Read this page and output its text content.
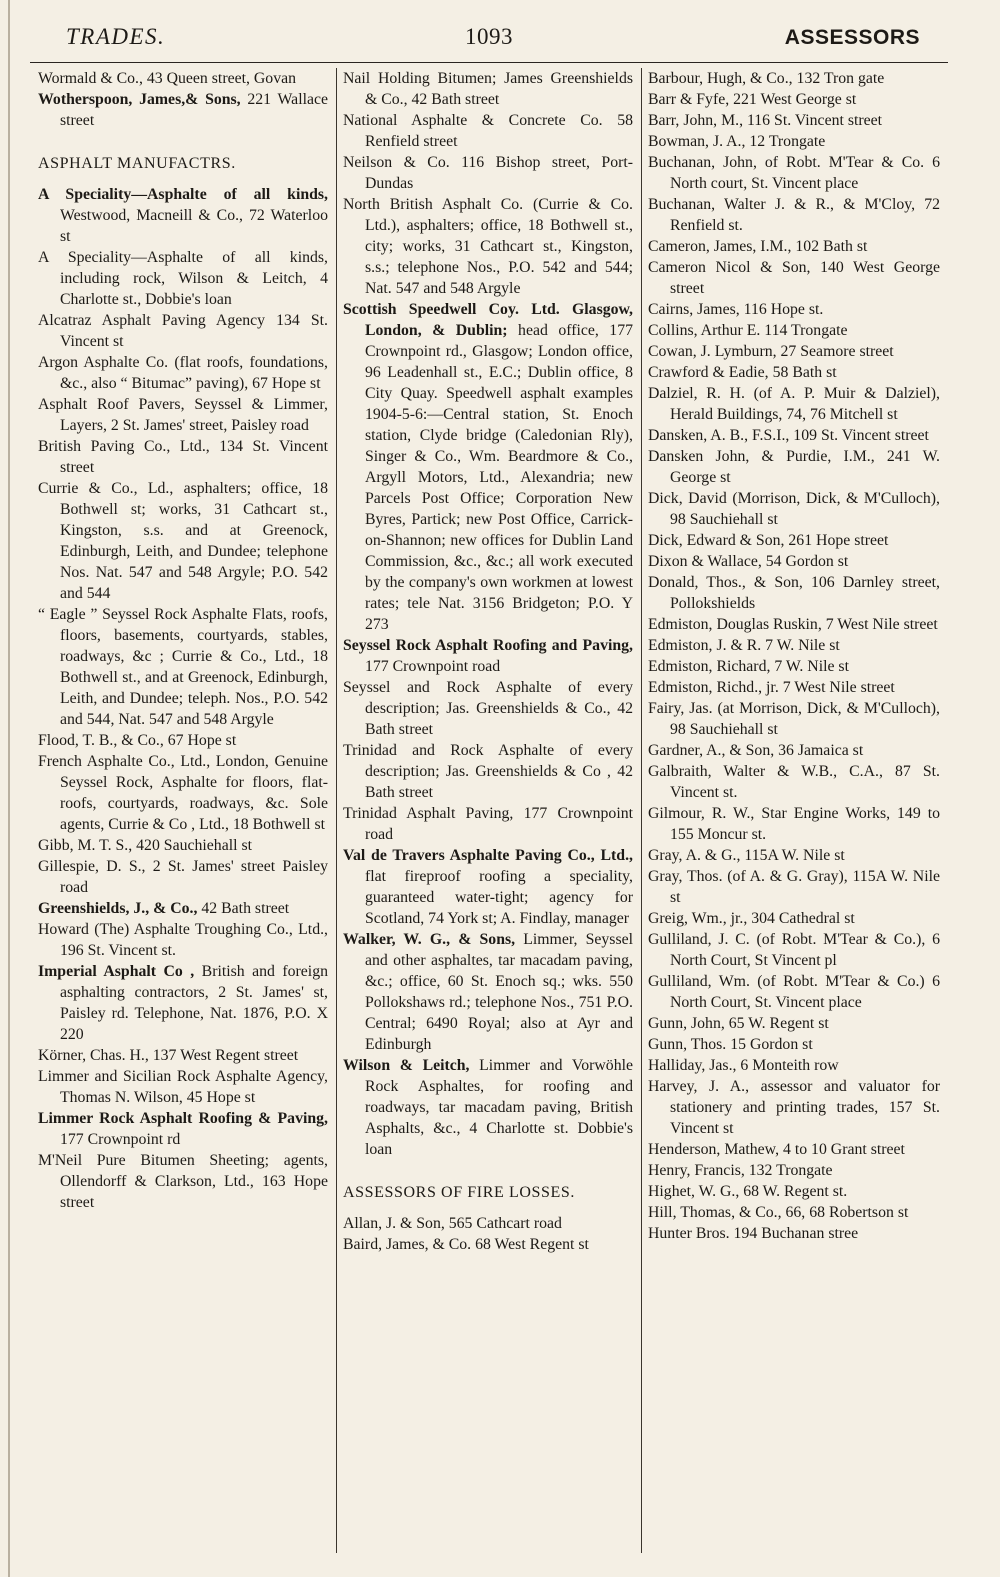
TRADES.	1093	ASSESSORS

Wormald & Co., 43 Queen street, Govan

Wotherspoon, James,& Sons, 221 Wallace street

ASPHALT MANUFACTRS.

A Speciality—Asphalte of all kinds, Westwood, Macneill & Co., 72 Waterloo st

A Speciality—Asphalte of all kinds, including rock, Wilson & Leitch, 4 Charlotte st., Dobbie's loan

Alcatraz Asphalt Paving Agency 134 St. Vincent st

Argon Asphalte Co. (flat roofs, foundations, &c., also “ Bitumac” paving), 67 Hope st

Asphalt Roof Pavers, Seyssel & Limmer, Layers, 2 St. James' street, Paisley road

British Paving Co., Ltd., 134 St. Vincent street

Currie & Co., Ld., asphalters; office, 18 Bothwell st; works, 31 Cathcart st., Kingston, s.s. and at Greenock, Edinburgh, Leith, and Dundee; telephone Nos. Nat. 547 and 548 Argyle; P.O. 542 and 544

“ Eagle ” Seyssel Rock Asphalte Flats, roofs, floors, basements, courtyards, stables, roadways, &c ; Currie & Co., Ltd., 18 Bothwell st., and at Greenock, Edinburgh, Leith, and Dundee; teleph. Nos., P.O. 542 and 544, Nat. 547 and 548 Argyle

Flood, T. B., & Co., 67 Hope st

French Asphalte Co., Ltd., London, Genuine Seyssel Rock, Asphalte for floors, flat-roofs, courtyards, roadways, &c. Sole agents, Currie & Co , Ltd., 18 Bothwell st

Gibb, M. T. S., 420 Sauchiehall st

Gillespie, D. S., 2 St. James' street Paisley road

Greenshields, J., & Co., 42 Bath street

Howard (The) Asphalte Troughing Co., Ltd., 196 St. Vincent st.

Imperial Asphalt Co , British and foreign asphalting contractors, 2 St. James' st, Paisley rd. Telephone, Nat. 1876, P.O. X 220

Körner, Chas. H., 137 West Regent street

Limmer and Sicilian Rock Asphalte Agency, Thomas N. Wilson, 45 Hope st

Limmer Rock Asphalt Roofing & Paving, 177 Crownpoint rd

M'Neil Pure Bitumen Sheeting; agents, Ollendorff & Clarkson, Ltd., 163 Hope street

Nail Holding Bitumen; James Greenshields & Co., 42 Bath street

National Asphalte & Concrete Co. 58 Renfield street

Neilson & Co. 116 Bishop street, Port-Dundas

North British Asphalt Co. (Currie & Co. Ltd.), asphalters; office, 18 Bothwell st., city; works, 31 Cathcart st., Kingston, s.s.; telephone Nos., P.O. 542 and 544; Nat. 547 and 548 Argyle

Scottish Speedwell Coy. Ltd. Glasgow, London, & Dublin; head office, 177 Crownpoint rd., Glasgow; London office, 96 Leadenhall st., E.C.; Dublin office, 8 City Quay. Speedwell asphalt examples 1904-5-6:—Central station, St. Enoch station, Clyde bridge (Caledonian Rly), Singer & Co., Wm. Beardmore & Co., Argyll Motors, Ltd., Alexandria; new Parcels Post Office; Corporation New Byres, Partick; new Post Office, Carrick-on-Shannon; new offices for Dublin Land Commission, &c., &c.; all work executed by the company's own workmen at lowest rates; tele Nat. 3156 Bridgeton; P.O. Y 273

Seyssel Rock Asphalt Roofing and Paving, 177 Crownpoint road

Seyssel and Rock Asphalte of every description; Jas. Greenshields & Co., 42 Bath street

Trinidad and Rock Asphalte of every description; Jas. Greenshields & Co , 42 Bath street

Trinidad Asphalt Paving, 177 Crownpoint road

Val de Travers Asphalte Paving Co., Ltd., flat fireproof roofing a speciality, guaranteed water-tight; agency for Scotland, 74 York st; A. Findlay, manager

Walker, W. G., & Sons, Limmer, Seyssel and other asphaltes, tar macadam paving, &c.; office, 60 St. Enoch sq.; wks. 550 Pollokshaws rd.; telephone Nos., 751 P.O. Central; 6490 Royal; also at Ayr and Edinburgh

Wilson & Leitch, Limmer and Vorwöhle Rock Asphaltes, for roofing and roadways, tar macadam paving, British Asphalts, &c., 4 Charlotte st. Dobbie's loan

ASSESSORS OF FIRE LOSSES.

Allan, J. & Son, 565 Cathcart road

Baird, James, & Co. 68 West Regent st

Barbour, Hugh, & Co., 132 Tron gate

Barr & Fyfe, 221 West George st

Barr, John, M., 116 St. Vincent street

Bowman, J. A., 12 Trongate

Buchanan, John, of Robt. M'Tear & Co. 6 North court, St. Vincent place

Buchanan, Walter J. & R., & M'Cloy, 72 Renfield st.

Cameron, James, I.M., 102 Bath st

Cameron Nicol & Son, 140 West George street

Cairns, James, 116 Hope st.

Collins, Arthur E. 114 Trongate

Cowan, J. Lymburn, 27 Seamore street

Crawford & Eadie, 58 Bath st

Dalziel, R. H. (of A. P. Muir & Dalziel), Herald Buildings, 74, 76 Mitchell st

Dansken, A. B., F.S.I., 109 St. Vincent street

Dansken John, & Purdie, I.M., 241 W. George st

Dick, David (Morrison, Dick, & M'Culloch), 98 Sauchiehall st

Dick, Edward & Son, 261 Hope street

Dixon & Wallace, 54 Gordon st

Donald, Thos., & Son, 106 Darnley street, Pollokshields

Edmiston, Douglas Ruskin, 7 West Nile street

Edmiston, J. & R. 7 W. Nile st

Edmiston, Richard, 7 W. Nile st

Edmiston, Richd., jr. 7 West Nile street

Fairy, Jas. (at Morrison, Dick, & M'Culloch), 98 Sauchiehall st

Gardner, A., & Son, 36 Jamaica st

Galbraith, Walter & W.B., C.A., 87 St. Vincent st.

Gilmour, R. W., Star Engine Works, 149 to 155 Moncur st.

Gray, A. & G., 115A W. Nile st

Gray, Thos. (of A. & G. Gray), 115A W. Nile st

Greig, Wm., jr., 304 Cathedral st

Gulliland, J. C. (of Robt. M'Tear & Co.), 6 North Court, St Vincent pl

Gulliland, Wm. (of Robt. M'Tear & Co.) 6 North Court, St. Vincent place

Gunn, John, 65 W. Regent st

Gunn, Thos. 15 Gordon st

Halliday, Jas., 6 Monteith row

Harvey, J. A., assessor and valuator for stationery and printing trades, 157 St. Vincent st

Henderson, Mathew, 4 to 10 Grant street

Henry, Francis, 132 Trongate

Highet, W. G., 68 W. Regent st.

Hill, Thomas, & Co., 66, 68 Robertson st

Hunter Bros. 194 Buchanan stree
